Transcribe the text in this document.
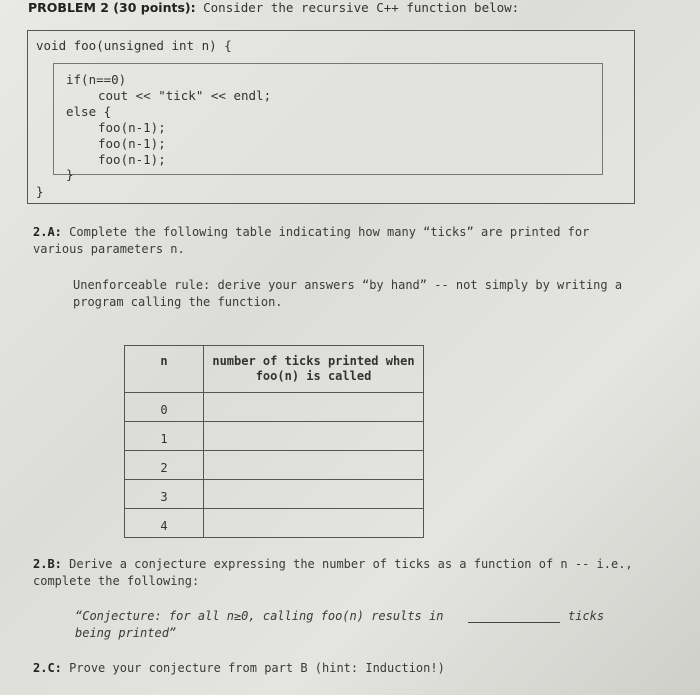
PROBLEM 2 (30 points): Consider the recursive C++ function below:
void foo(unsigned int n) {
if(n==0)
cout << "tick" << endl;
else {
foo(n-1);
foo(n-1);
foo(n-1);
}
}
2.A: Complete the following table indicating how many “ticks” are printed for
various parameters n.
Unenforceable rule: derive your answers “by hand” -- not simply by writing a
program calling the function.
n	number of ticks printed when
foo(n) is called
0	
1	
2	
3	
4	
2.B: Derive a conjecture expressing the number of ticks as a function of n -- i.e.,
complete the following:
“Conjecture: for all n≥0, calling foo(n) results in
being printed”
ticks
2.C: Prove your conjecture from part B (hint: Induction!)
